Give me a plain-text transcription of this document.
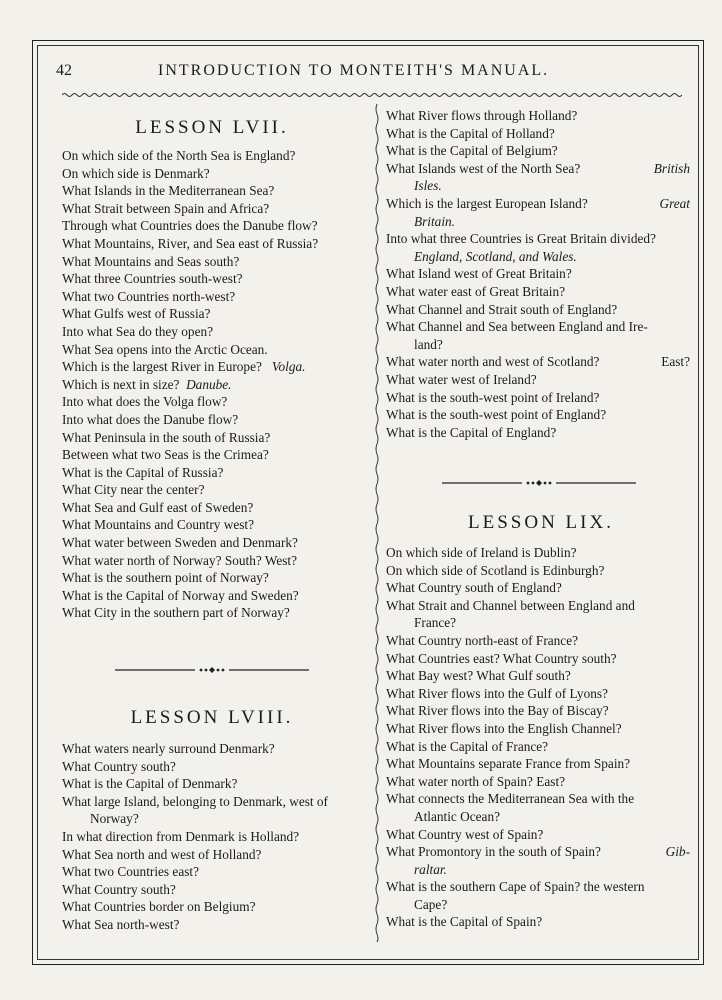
42	INTRODUCTION TO MONTEITH'S MANUAL.
LESSON LVII.
On which side of the North Sea is England?
On which side is Denmark?
What Islands in the Mediterranean Sea?
What Strait between Spain and Africa?
Through what Countries does the Danube flow?
What Mountains, River, and Sea east of Russia?
What Mountains and Seas south?
What three Countries south-west?
What two Countries north-west?
What Gulfs west of Russia?
Into what Sea do they open?
What Sea opens into the Arctic Ocean.
Which is the largest River in Europe? Volga.
Which is next in size? Danube.
Into what does the Volga flow?
Into what does the Danube flow?
What Peninsula in the south of Russia?
Between what two Seas is the Crimea?
What is the Capital of Russia?
What City near the center?
What Sea and Gulf east of Sweden?
What Mountains and Country west?
What water between Sweden and Denmark?
What water north of Norway? South? West?
What is the southern point of Norway?
What is the Capital of Norway and Sweden?
What City in the southern part of Norway?
LESSON LVIII.
What waters nearly surround Denmark?
What Country south?
What is the Capital of Denmark?
What large Island, belonging to Denmark, west of
Norway?
In what direction from Denmark is Holland?
What Sea north and west of Holland?
What two Countries east?
What Country south?
What Countries border on Belgium?
What Sea north-west?
What River flows through Holland?
What is the Capital of Holland?
What is the Capital of Belgium?
What Islands west of the North Sea?	British
Isles.
Which is the largest European Island?	Great
Britain.
Into what three Countries is Great Britain divided?
England, Scotland, and Wales.
What Island west of Great Britain?
What water east of Great Britain?
What Channel and Strait south of England?
What Channel and Sea between England and Ire-
land?
What water north and west of Scotland?	East?
What water west of Ireland?
What is the south-west point of Ireland?
What is the south-west point of England?
What is the Capital of England?
LESSON LIX.
On which side of Ireland is Dublin?
On which side of Scotland is Edinburgh?
What Country south of England?
What Strait and Channel between England and
France?
What Country north-east of France?
What Countries east? What Country south?
What Bay west? What Gulf south?
What River flows into the Gulf of Lyons?
What River flows into the Bay of Biscay?
What River flows into the English Channel?
What is the Capital of France?
What Mountains separate France from Spain?
What water north of Spain? East?
What connects the Mediterranean Sea with the
Atlantic Ocean?
What Country west of Spain?
What Promontory in the south of Spain?	Gib-
raltar.
What is the southern Cape of Spain? the western
Cape?
What is the Capital of Spain?
